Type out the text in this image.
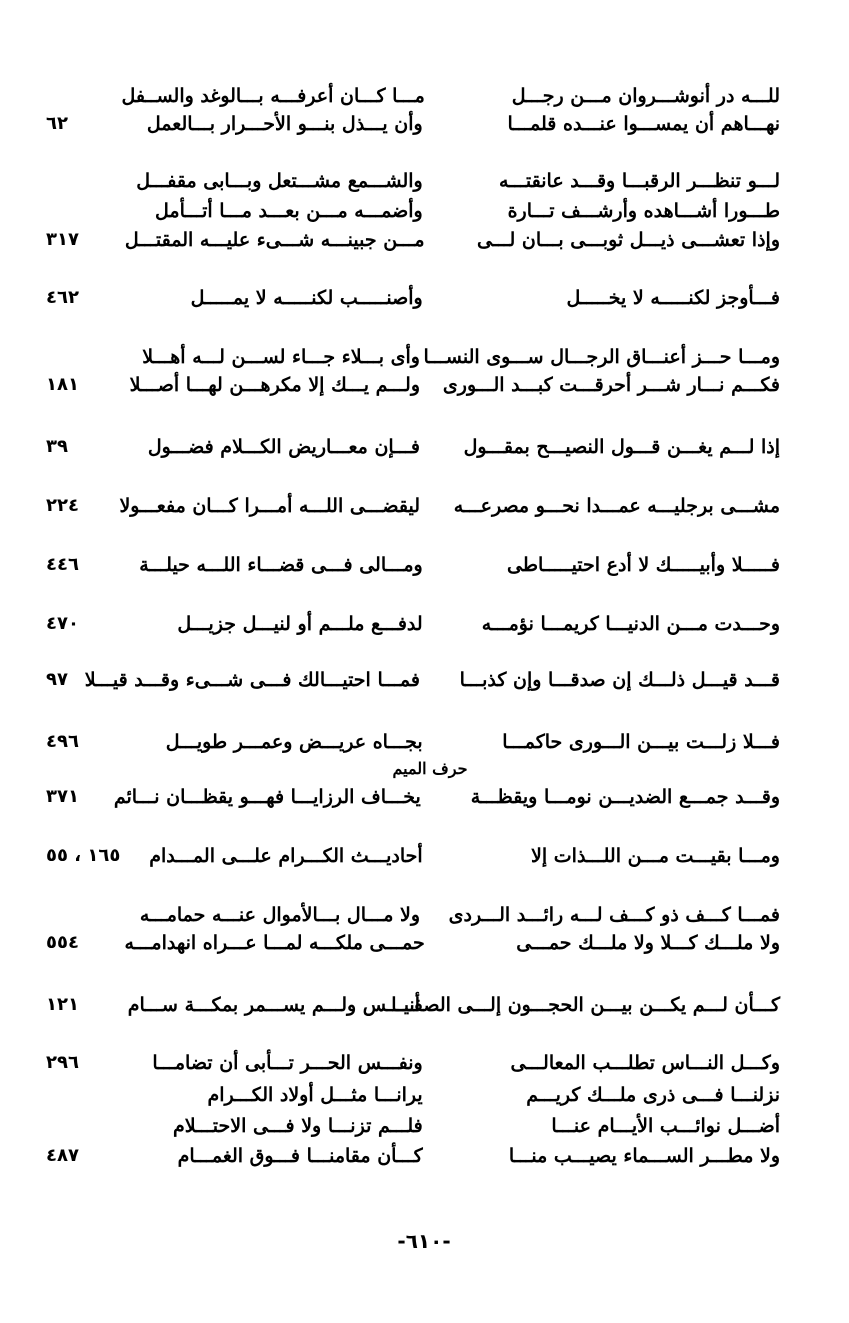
للـــه در أنوشـــروان مـــن رجـــل
مـــا كـــان أعرفـــه بـــالوغد والســفل
نهـــاهم أن يمســـوا عنـــده قلمـــا
وأن يـــذل بنـــو الأحـــرار بـــالعمل
٦٢
لـــو تنظـــر الرقبـــا وقـــد عانقتـــه
والشـــمع مشـــتعل وبـــابى مقفـــل
طـــورا أشـــاهده وأرشـــف تـــارة
وأضمـــه مـــن بعـــد مـــا أتـــأمل
وإذا تعشـــى ذيـــل ثوبـــى بـــان لـــى
مـــن جبينـــه شـــىء عليـــه المقتـــل
٣١٧
فـــأوجز لكنـــــه لا يخـــــل
وأصنـــــب لكنـــــه لا يمـــــل
٤٦٢
ومـــا حـــز أعنـــاق الرجـــال ســـوى النســـا
وأى بـــلاء جـــاء لســـن لـــه أهـــلا
فكـــم نـــار شـــر أحرقـــت كبـــد الـــورى
ولـــم يـــك إلا مكرهـــن لهـــا أصـــلا
١٨١
إذا لـــم يغـــن قـــول النصيـــح بمقـــول
فـــإن معـــاريض الكـــلام فضـــول
٣٩
مشـــى برجليـــه عمـــدا نحـــو مصرعـــه
ليقضـــى اللـــه أمـــرا كـــان مفعـــولا
٢٢٤
فـــــلا وأبيـــــك لا أدع احتيـــــاطى
ومـــالى فـــى قضـــاء اللـــه حيلـــة
٤٤٦
وحـــدت مـــن الدنيـــا كريمـــا نؤمـــه
لدفـــع ملـــم أو لنيـــل جزيـــل
٤٧٠
قـــد قيـــل ذلـــك إن صدقـــا وإن كذبـــا
فمـــا احتيـــالك فـــى شـــىء وقـــد قيـــلا
٩٧
فـــلا زلـــت بيـــن الـــورى حاكمـــا
بجـــاه عريـــض وعمـــر طويـــل
٤٩٦
حرف الميم
وقـــد جمـــع الضديـــن نومـــا ويقظـــة
يخـــاف الرزايـــا فهـــو يقظـــان نـــائم
٣٧١
ومـــا بقيـــت مـــن اللـــذات إلا
أحاديـــث الكـــرام علـــى المـــدام
١٦٥ ، ٥٥
فمـــا كـــف ذو كـــف لـــه رائـــد الـــردى
ولا مـــال بـــالأموال عنـــه حمامـــه
ولا ملـــك كـــلا ولا ملـــك حمـــى
حمـــى ملكـــه لمـــا عـــراه انهدامـــه
٥٥٤
كـــأن لـــم يكـــن بيـــن الحجـــون إلـــى الصفـــا
أنيـــس ولـــم يســـمر بمكـــة ســـام
١٢١
وكـــل النـــاس تطلـــب المعالـــى
ونفـــس الحـــر تـــأبى أن تضامـــا
٢٩٦
نزلنـــا فـــى ذرى ملـــك كريـــم
يرانـــا مثـــل أولاد الكـــرام
أضـــل نوائـــب الأيـــام عنـــا
فلـــم تزنـــا ولا فـــى الاحتـــلام
ولا مطـــر الســـماء يصيـــب منـــا
كـــأن مقامنـــا فـــوق الغمـــام
٤٨٧
-٦١٠-
